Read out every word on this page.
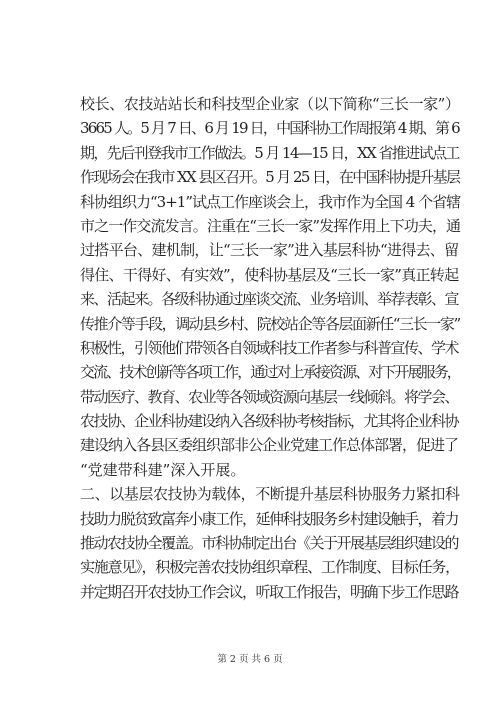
校长、农技站站长和科技型企业家（以下简称“三长一家”）
3665 人。5 月 7 日、6 月 19 日，中国科协工作周报第 4 期、第 6
期，先后刊登我市工作做法。5 月 14—15 日，XX 省推进试点工
作现场会在我市 XX 县区召开。5 月 25 日，在中国科协提升基层
科协组织力“3+1”试点工作座谈会上，我市作为全国 4 个省辖
市之一作交流发言。注重在“三长一家”发挥作用上下功夫，通
过搭平台、建机制，让“三长一家”进入基层科协“进得去、留
得住、干得好、有实效”，使科协基层及“三长一家”真正转起
来、活起来。各级科协通过座谈交流、业务培训、举荐表彰、宣
传推介等手段，调动县乡村、院校站企等各层面新任“三长一家”
积极性，引领他们带领各自领域科技工作者参与科普宣传、学术
交流、技术创新等各项工作，通过对上承接资源、对下开展服务，
带动医疗、教育、农业等各领域资源向基层一线倾斜。将学会、
农技协、企业科协建设纳入各级科协考核指标，尤其将企业科协
建设纳入各县区委组织部非公企业党建工作总体部署，促进了
“党建带科建”深入开展。
二、以基层农技协为载体，不断提升基层科协服务力紧扣科
技助力脱贫致富奔小康工作，延伸科技服务乡村建设触手，着力
推动农技协全覆盖。市科协制定出台《关于开展基层组织建设的
实施意见》，积极完善农技协组织章程、工作制度、目标任务，
并定期召开农技协工作会议，听取工作报告，明确下步工作思路
第 2 页 共 6 页
